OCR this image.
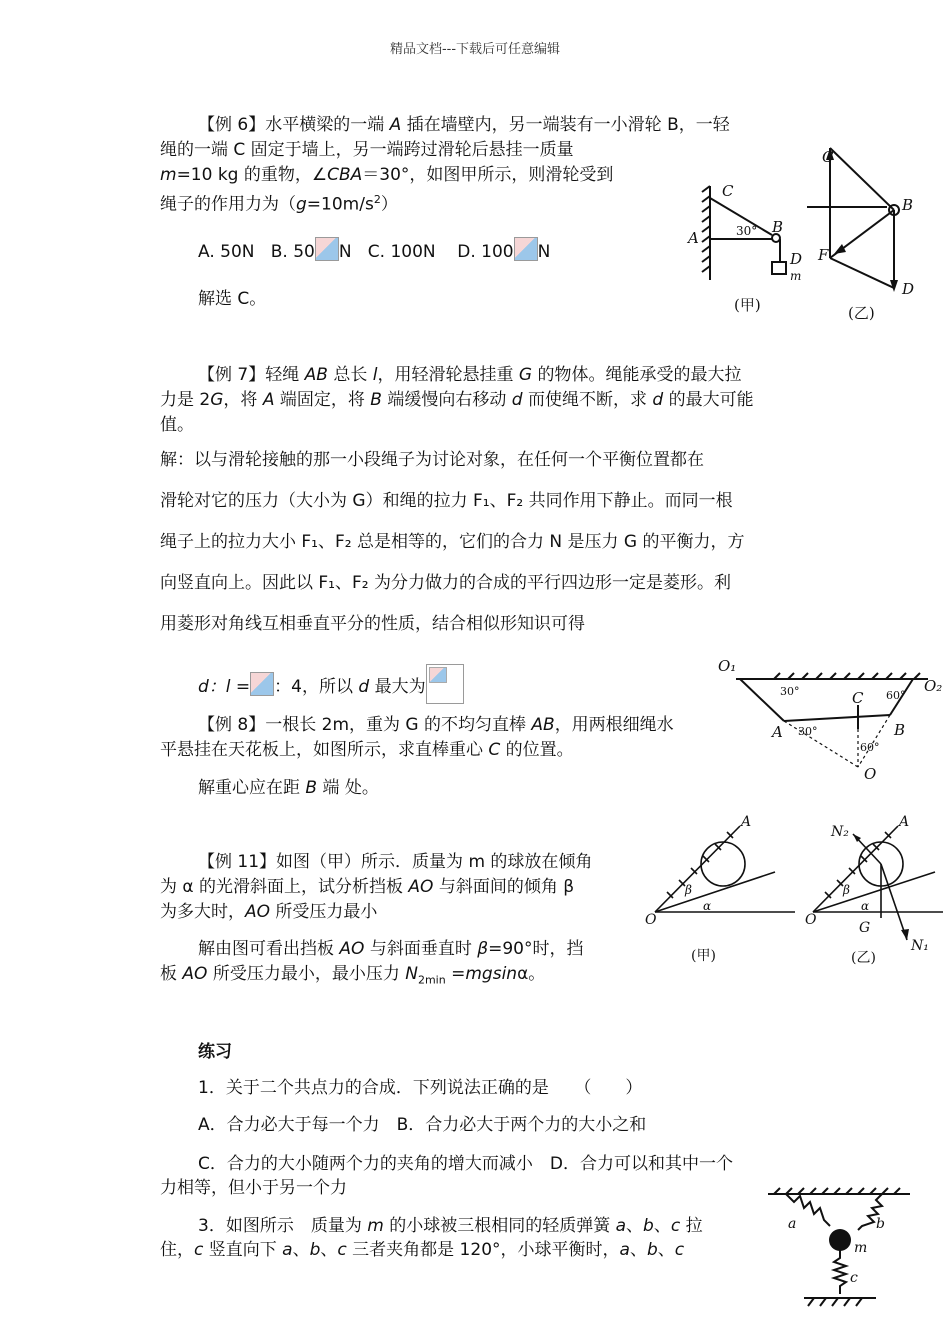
精品文档---下载后可任意编辑
【例 6】水平横梁的一端 A 插在墙壁内，另一端装有一小滑轮 B，一轻
绳的一端 C 固定于墙上，另一端跨过滑轮后悬挂一质量
m=10 kg 的重物，∠CBA＝30°，如图甲所示，则滑轮受到
绳子的作用力为$(g=10m/s^2)$
A. 50N B. 50 N C. 100N D. 100 N
解选 C。
C
A
B
30°
D
m
(甲)
C
B
F
D
(乙)
【例 7】轻绳 AB 总长 l，用轻滑轮悬挂重 G 的物体。绳能承受的最大拉
力是 2G，将 A 端固定，将 B 端缓慢向右移动 d 而使绳不断，求 d 的最大可能
值。
解：以与滑轮接触的那一小段绳子为讨论对象，在任何一个平衡位置都在
滑轮对它的压力（大小为 G）和绳的拉力 F₁、F₂ 共同作用下静止。而同一根
绳子上的拉力大小 F₁、F₂ 总是相等的，它们的合力 N 是压力 G 的平衡力，方
向竖直向上。因此以 F₁、F₂ 为分力做力的合成的平行四边形一定是菱形。利
用菱形对角线互相垂直平分的性质，结合相似形知识可得
d：l = ：4，所以 d 最大为
O₁
O₂
A	B
C
O
30°	60°
30°
60°
【例 8】一根长 2m，重为 G 的不均匀直棒 AB，用两根细绳水
平悬挂在天花板上，如图所示，求直棒重心 C 的位置。
解重心应在距 B 端 处。
【例 11】如图（甲）所示．质量为 m 的球放在倾角
为 α 的光滑斜面上，试分析挡板 AO 与斜面间的倾角 β
为多大时，AO 所受压力最小
解由图可看出挡板 AO 与斜面垂直时 β=90°时，挡
板 AO 所受压力最小，最小压力 $N_{2min} =mgsin\alpha$。
A
O
β
α
(甲)
A
O
N₂
N₁
G
β
α
(乙)
练习
1．关于二个共点力的合成．下列说法正确的是　　（　　）
A．合力必大于每一个力　B．合力必大于两个力的大小之和
C．合力的大小随两个力的夹角的增大而减小　D．合力可以和其中一个
力相等，但小于另一个力
3．如图所示　质量为 m 的小球被三根相同的轻质弹簧 a、b、c 拉
住，c 竖直向下 a、b、c 三者夹角都是 120°，小球平衡时，a、b、c
a	b
m
c
